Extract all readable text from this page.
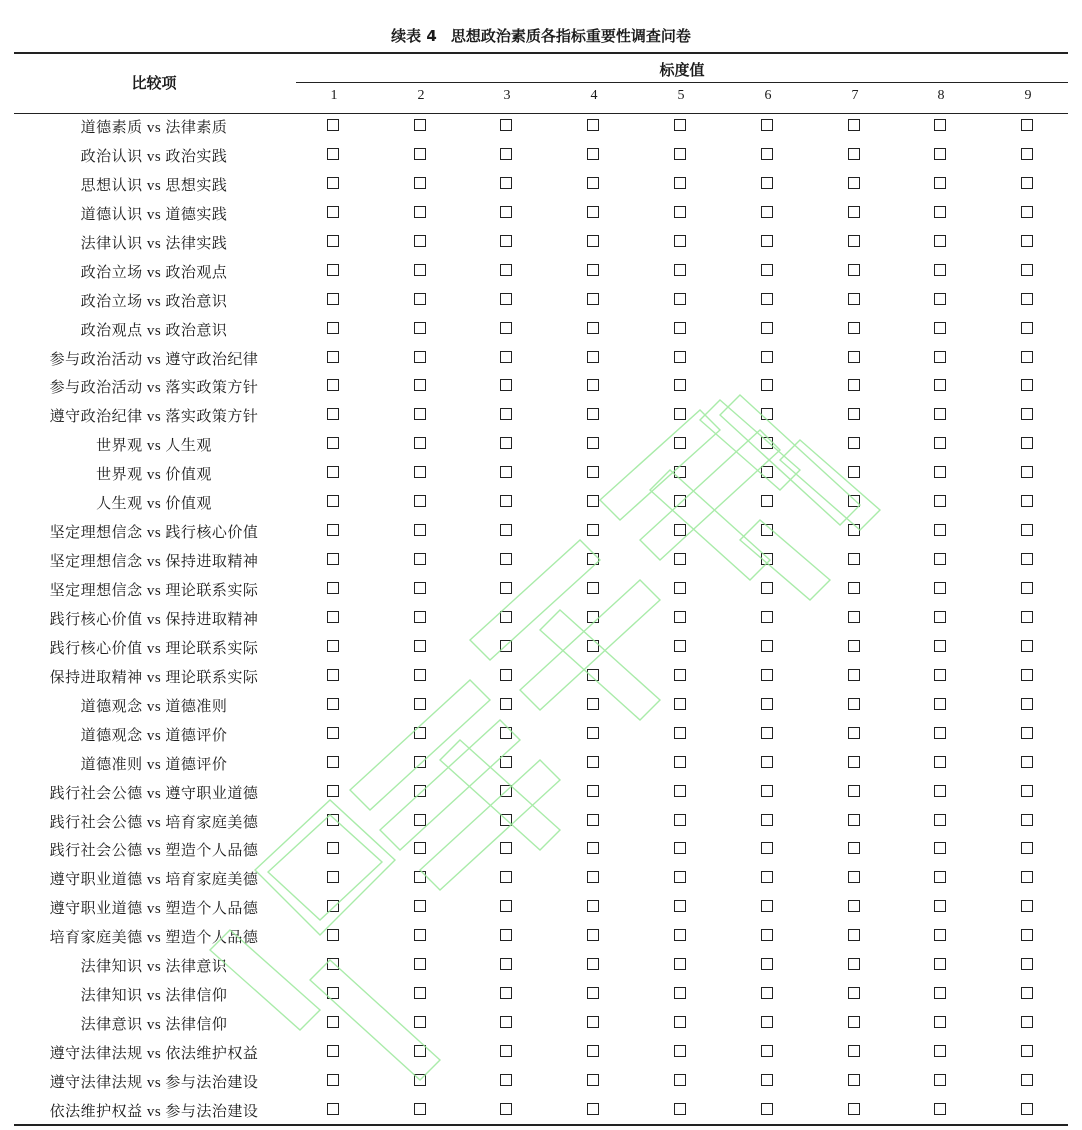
续表 4 思想政治素质各指标重要性调查问卷
比较项
标度值
1	2	3	4	5	6	7	8	9
道德素质 vs 法律素质
政治认识 vs 政治实践
思想认识 vs 思想实践
道德认识 vs 道德实践
法律认识 vs 法律实践
政治立场 vs 政治观点
政治立场 vs 政治意识
政治观点 vs 政治意识
参与政治活动 vs 遵守政治纪律
参与政治活动 vs 落实政策方针
遵守政治纪律 vs 落实政策方针
世界观 vs 人生观
世界观 vs 价值观
人生观 vs 价值观
坚定理想信念 vs 践行核心价值
坚定理想信念 vs 保持进取精神
坚定理想信念 vs 理论联系实际
践行核心价值 vs 保持进取精神
践行核心价值 vs 理论联系实际
保持进取精神 vs 理论联系实际
道德观念 vs 道德准则
道德观念 vs 道德评价
道德准则 vs 道德评价
践行社会公德 vs 遵守职业道德
践行社会公德 vs 培育家庭美德
践行社会公德 vs 塑造个人品德
遵守职业道德 vs 培育家庭美德
遵守职业道德 vs 塑造个人品德
培育家庭美德 vs 塑造个人品德
法律知识 vs 法律意识
法律知识 vs 法律信仰
法律意识 vs 法律信仰
遵守法律法规 vs 依法维护权益
遵守法律法规 vs 参与法治建设
依法维护权益 vs 参与法治建设
